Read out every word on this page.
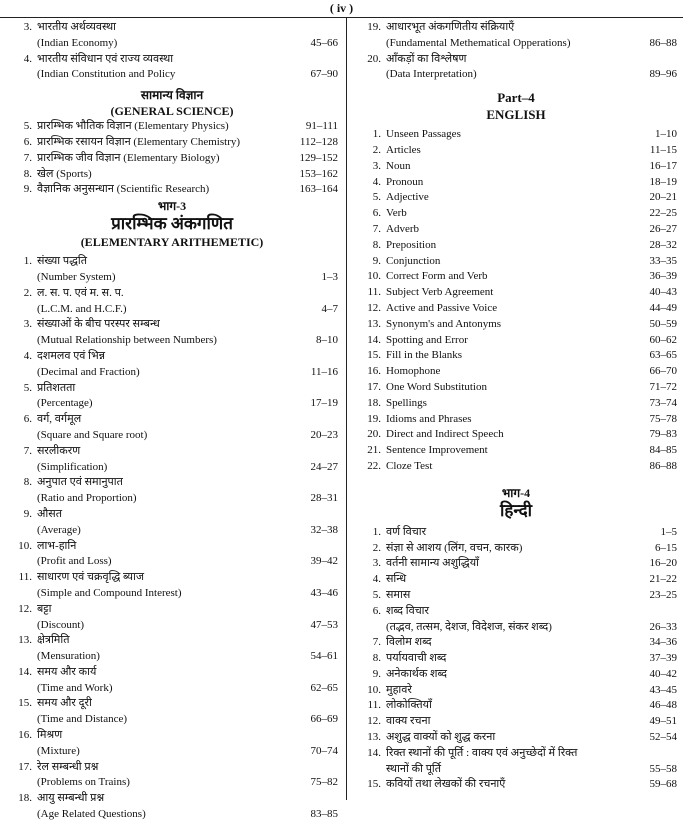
( iv )
3. भारतीय अर्थव्यवस्था
(Indian Economy)	45–66
4. भारतीय संविधान एवं राज्य व्यवस्था
(Indian Constitution and Policy	67–90
सामान्य विज्ञान
(GENERAL SCIENCE)
5. प्रारम्भिक भौतिक विज्ञान (Elementary Physics)	91–111
6. प्रारम्भिक रसायन विज्ञान (Elementary Chemistry)	112–128
7. प्रारम्भिक जीव विज्ञान (Elementary Biology)	129–152
8. खेल (Sports)	153–162
9. वैज्ञानिक अनुसन्धान (Scientific Research)	163–164
भाग-3
प्रारम्भिक अंकगणित
(ELEMENTARY ARITHEMETIC)
1. संख्या पद्धति
(Number System)	1–3
2. ल. स. प. एवं म. स. प.
(L.C.M. and H.C.F.)	4–7
3. संख्याओं के बीच परस्पर सम्बन्ध
(Mutual Relationship between Numbers)	8–10
4. दशमलव एवं भिन्न
(Decimal and Fraction)	11–16
5. प्रतिशतता
(Percentage)	17–19
6. वर्ग, वर्गमूल
(Square and Square root)	20–23
7. सरलीकरण
(Simplification)	24–27
8. अनुपात एवं समानुपात
(Ratio and Proportion)	28–31
9. औसत
(Average)	32–38
10. लाभ-हानि
(Profit and Loss)	39–42
11. साधारण एवं चक्रवृद्धि ब्याज
(Simple and Compound Interest)	43–46
12. बट्टा
(Discount)	47–53
13. क्षेत्रमिति
(Mensuration)	54–61
14. समय और कार्य
(Time and Work)	62–65
15. समय और दूरी
(Time and Distance)	66–69
16. मिश्रण
(Mixture)	70–74
17. रेल सम्बन्धी प्रश्न
(Problems on Trains)	75–82
18. आयु सम्बन्धी प्रश्न
(Age Related Questions)	83–85
19. आधारभूत अंकगणितीय संक्रियाएँ
(Fundamental Methematical Opperations)	86–88
20. आँकड़ों का विश्लेषण
(Data Interpretation)	89–96
Part–4
ENGLISH
1. Unseen Passages	1–10
2. Articles	11–15
3. Noun	16–17
4. Pronoun	18–19
5. Adjective	20–21
6. Verb	22–25
7. Adverb	26–27
8. Preposition	28–32
9. Conjunction	33–35
10. Correct Form and Verb	36–39
11. Subject Verb Agreement	40–43
12. Active and Passive Voice	44–49
13. Synonym's and Antonyms	50–59
14. Spotting and Error	60–62
15. Fill in the Blanks	63–65
16. Homophone	66–70
17. One Word Substitution	71–72
18. Spellings	73–74
19. Idioms and Phrases	75–78
20. Direct and Indirect Speech	79–83
21. Sentence Improvement	84–85
22. Cloze Test	86–88
भाग-4
हिन्दी
1. वर्ण विचार	1–5
2. संज्ञा से आशय (लिंग, वचन, कारक)	6–15
3. वर्तनी सामान्य अशुद्धियाँ	16–20
4. सन्धि	21–22
5. समास	23–25
6. शब्द विचार
(तद्भव, तत्सम, देशज, विदेशज, संकर शब्द)	26–33
7. विलोम शब्द	34–36
8. पर्यायवाची शब्द	37–39
9. अनेकार्थक शब्द	40–42
10. मुहावरे	43–45
11. लोकोक्तियाँ	46–48
12. वाक्य रचना	49–51
13. अशुद्ध वाक्यों को शुद्ध करना	52–54
14. रिक्त स्थानों की पूर्ति : वाक्य एवं अनुच्छेदों में रिक्त
स्थानों की पूर्ति	55–58
15. कवियों तथा लेखकों की रचनाएँ	59–68
